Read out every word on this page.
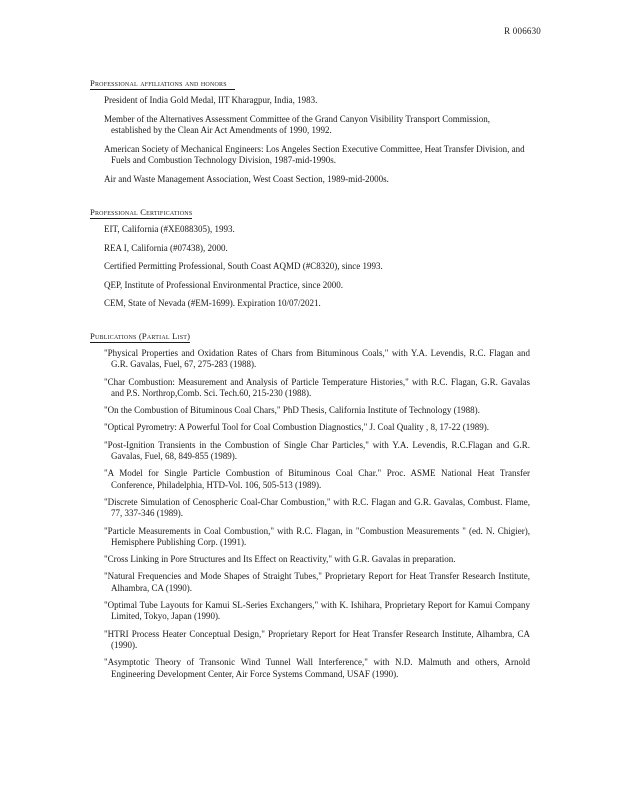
R 006630
Professional affiliations and honors
President of India Gold Medal, IIT Kharagpur, India, 1983.
Member of the Alternatives Assessment Committee of the Grand Canyon Visibility Transport Commission, established by the Clean Air Act Amendments of 1990, 1992.
American Society of Mechanical Engineers: Los Angeles Section Executive Committee, Heat Transfer Division, and Fuels and Combustion Technology Division, 1987-mid-1990s.
Air and Waste Management Association, West Coast Section, 1989-mid-2000s.
Professional Certifications
EIT, California (#XE088305), 1993.
REA I, California (#07438), 2000.
Certified Permitting Professional, South Coast AQMD (#C8320), since 1993.
QEP, Institute of Professional Environmental Practice, since 2000.
CEM, State of Nevada (#EM-1699). Expiration 10/07/2021.
Publications (Partial List)
"Physical Properties and Oxidation Rates of Chars from Bituminous Coals," with Y.A. Levendis, R.C. Flagan and G.R. Gavalas, Fuel, 67, 275-283 (1988).
"Char Combustion: Measurement and Analysis of Particle Temperature Histories," with R.C. Flagan, G.R. Gavalas and P.S. Northrop,Comb. Sci. Tech.60, 215-230 (1988).
"On the Combustion of Bituminous Coal Chars," PhD Thesis, California Institute of Technology (1988).
"Optical Pyrometry: A Powerful Tool for Coal Combustion Diagnostics," J. Coal Quality , 8, 17-22 (1989).
"Post-Ignition Transients in the Combustion of Single Char Particles," with Y.A. Levendis, R.C.Flagan and G.R. Gavalas, Fuel, 68, 849-855 (1989).
"A Model for Single Particle Combustion of Bituminous Coal Char." Proc. ASME National Heat Transfer Conference, Philadelphia, HTD-Vol. 106, 505-513 (1989).
"Discrete Simulation of Cenospheric Coal-Char Combustion," with R.C. Flagan and G.R. Gavalas, Combust. Flame, 77, 337-346 (1989).
"Particle Measurements in Coal Combustion," with R.C. Flagan, in "Combustion Measurements " (ed. N. Chigier), Hemisphere Publishing Corp. (1991).
"Cross Linking in Pore Structures and Its Effect on Reactivity," with G.R. Gavalas in preparation.
"Natural Frequencies and Mode Shapes of Straight Tubes," Proprietary Report for Heat Transfer Research Institute, Alhambra, CA (1990).
"Optimal Tube Layouts for Kamui SL-Series Exchangers," with K. Ishihara, Proprietary Report for Kamui Company Limited, Tokyo, Japan (1990).
"HTRI Process Heater Conceptual Design," Proprietary Report for Heat Transfer Research Institute, Alhambra, CA (1990).
"Asymptotic Theory of Transonic Wind Tunnel Wall Interference," with N.D. Malmuth and others, Arnold Engineering Development Center, Air Force Systems Command, USAF (1990).
